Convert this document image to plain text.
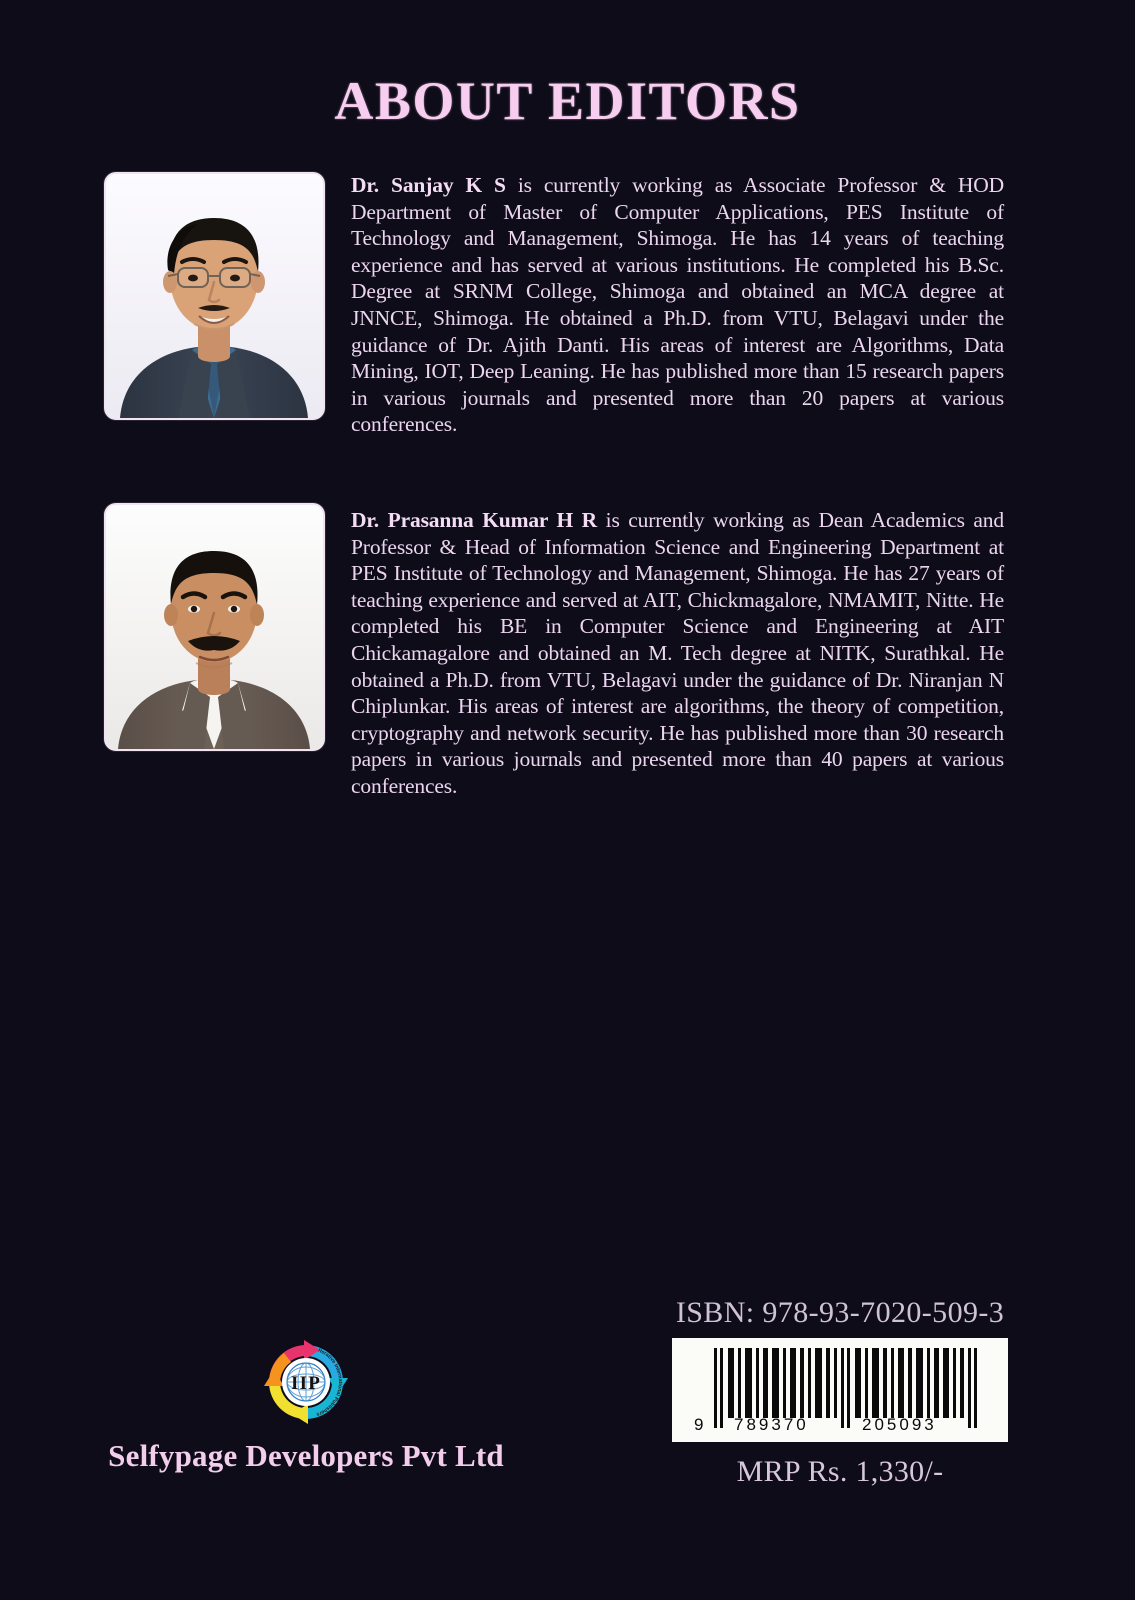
ABOUT EDITORS
Dr. Sanjay K S is currently working as Associate Professor & HOD Department of Master of Computer Applications, PES Institute of Technology and Management, Shimoga. He has 14 years of teaching experience and has served at various institutions. He completed his B.Sc. Degree at SRNM College, Shimoga and obtained an MCA degree at JNNCE, Shimoga. He obtained a Ph.D. from VTU, Belagavi under the guidance of Dr. Ajith Danti. His areas of interest are Algorithms, Data Mining, IOT, Deep Leaning. He has published more than 15 research papers in various journals and presented more than 20 papers at various conferences.
Dr. Prasanna Kumar H R is currently working as Dean Academics and Professor & Head of Information Science and Engineering Department at PES Institute of Technology and Management, Shimoga. He has 27 years of teaching experience and served at AIT, Chickmagalore, NMAMIT, Nitte. He completed his BE in Computer Science and Engineering at AIT Chickamagalore and obtained an M. Tech degree at NITK, Surathkal. He obtained a Ph.D. from VTU, Belagavi under the guidance of Dr. Niranjan N Chiplunkar. His areas of interest are algorithms, the theory of competition, cryptography and network security. He has published more than 30 research papers in various journals and presented more than 40 papers at various conferences.
IIP
Iterative International Publishers
Selfypage Developers Pvt Ltd
ISBN: 978-93-7020-509-3
9 789370	205093
MRP Rs. 1,330/-
